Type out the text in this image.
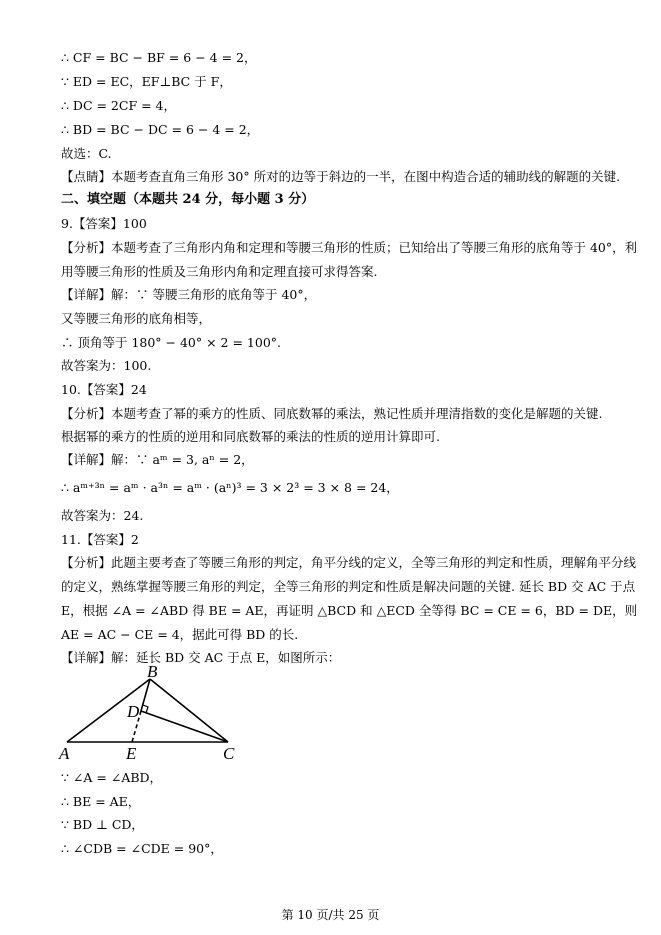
∴ CF = BC − BF = 6 − 4 = 2，
∵ ED = EC，EF⊥BC 于 F，
∴ DC = 2CF = 4，
∴ BD = BC − DC = 6 − 4 = 2，
故选：C.
【点睛】本题考查直角三角形 30° 所对的边等于斜边的一半，在图中构造合适的辅助线的解题的关键.
二、填空题（本题共 24 分，每小题 3 分）
9.【答案】100
【分析】本题考查了三角形内角和定理和等腰三角形的性质；已知给出了等腰三角形的底角等于 40°，利
用等腰三角形的性质及三角形内角和定理直接可求得答案.
【详解】解：∵ 等腰三角形的底角等于 40°，
又等腰三角形的底角相等，
∴ 顶角等于 180° − 40° × 2 = 100°.
故答案为：100.
10.【答案】24
【分析】本题考查了幂的乘方的性质、同底数幂的乘法，熟记性质并理清指数的变化是解题的关键.
根据幂的乘方的性质的逆用和同底数幂的乘法的性质的逆用计算即可.
【详解】解：∵ aᵐ = 3, aⁿ = 2，
∴ aᵐ⁺³ⁿ = aᵐ · a³ⁿ = aᵐ · (aⁿ)³ = 3 × 2³ = 3 × 8 = 24，
故答案为：24.
11.【答案】2
【分析】此题主要考查了等腰三角形的判定，角平分线的定义，全等三角形的判定和性质，理解角平分线
的定义，熟练掌握等腰三角形的判定，全等三角形的判定和性质是解决问题的关键. 延长 BD 交 AC 于点
E，根据 ∠A = ∠ABD 得 BE = AE，再证明 △BCD 和 △ECD 全等得 BC = CE = 6，BD = DE，则
AE = AC − CE = 4，据此可得 BD 的长.
【详解】解：延长 BD 交 AC 于点 E，如图所示：
B
D
A	E	C
∵ ∠A = ∠ABD，
∴ BE = AE，
∵ BD ⊥ CD，
∴ ∠CDB = ∠CDE = 90°，
第 10 页/共 25 页
